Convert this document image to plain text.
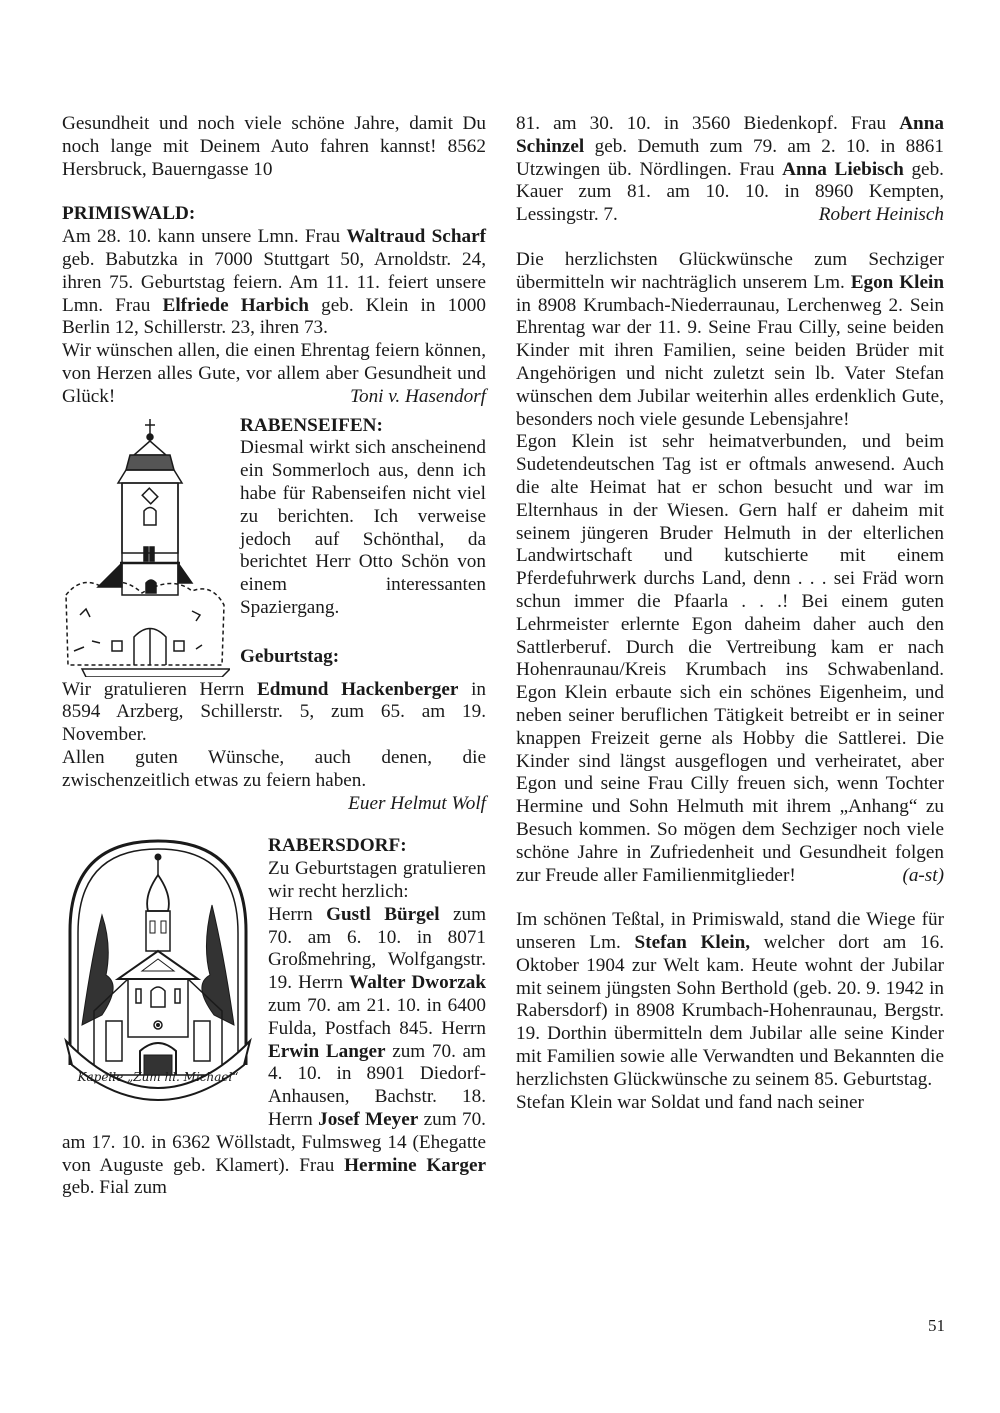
Gesundheit und noch viele schöne Jahre, damit Du noch lange mit Deinem Auto fahren kannst! 8562 Hersbruck, Bauerngasse 10

PRIMISWALD:

Am 28. 10. kann unsere Lmn. Frau Waltraud Scharf geb. Babutzka in 7000 Stuttgart 50, Arnoldstr. 24, ihren 75. Geburtstag feiern. Am 11. 11. feiert unsere Lmn. Frau Elfriede Harbich geb. Klein in 1000 Berlin 12, Schillerstr. 23, ihren 73.

Wir wünschen allen, die einen Ehrentag feiern können, von Herzen alles Gute, vor allem aber Gesundheit und Glück!	Toni v. Hasendorf

RABENSEIFEN:

Diesmal wirkt sich anscheinend ein Sommerloch aus, denn ich habe für Rabenseifen nicht viel zu berichten. Ich verweise jedoch auf Schönthal, da berichtet Herr Otto Schön von einem interessanten Spaziergang.

Geburtstag:

Wir gratulieren Herrn Edmund Hackenberger in 8594 Arzberg, Schillerstr. 5, zum 65. am 19. November.

Allen guten Wünsche, auch denen, die zwischenzeitlich etwas zu feiern haben.

Euer Helmut Wolf

Kapelle „Zum hl. Michael“

RABERSDORF:

Zu Geburtstagen gratulieren wir recht herzlich:

Herrn Gustl Bürgel zum 70. am 6. 10. in 8071 Großmehring, Wolfgangstr. 19. Herrn Walter Dworzak zum 70. am 21. 10. in 6400 Fulda, Postfach 845. Herrn Erwin Langer zum 70. am 4. 10. in 8901 Diedorf-Anhausen, Bachstr. 18. Herrn Josef Meyer zum 70. am 17. 10. in 6362 Wöllstadt, Fulmsweg 14 (Ehegatte von Auguste geb. Klamert). Frau Hermine Karger geb. Fial zum

81. am 30. 10. in 3560 Biedenkopf. Frau Anna Schinzel geb. Demuth zum 79. am 2. 10. in 8861 Utzwingen üb. Nördlingen. Frau Anna Liebisch geb. Kauer zum 81. am 10. 10. in 8960 Kempten, Lessingstr. 7.	Robert Heinisch

Die herzlichsten Glückwünsche zum Sechziger übermitteln wir nachträglich unserem Lm. Egon Klein in 8908 Krumbach-Niederraunau, Lerchenweg 2. Sein Ehrentag war der 11. 9. Seine Frau Cilly, seine beiden Kinder mit ihren Familien, seine beiden Brüder mit Angehörigen und nicht zuletzt sein lb. Vater Stefan wünschen dem Jubilar weiterhin alles erdenklich Gute, besonders noch viele gesunde Lebensjahre!

Egon Klein ist sehr heimatverbunden, und beim Sudetendeutschen Tag ist er oftmals anwesend. Auch die alte Heimat hat er schon besucht und war im Elternhaus in der Wiesen. Gern half er daheim mit seinem jüngeren Bruder Helmuth in der elterlichen Landwirtschaft und kutschierte mit einem Pferdefuhrwerk durchs Land, denn . . . sei Fräd worn schun immer die Pfaarla . . .! Bei einem guten Lehrmeister erlernte Egon daheim daher auch den Sattlerberuf. Durch die Vertreibung kam er nach Hohenraunau/Kreis Krumbach ins Schwabenland. Egon Klein erbaute sich ein schönes Eigenheim, und neben seiner beruflichen Tätigkeit betreibt er in seiner knappen Freizeit gerne als Hobby die Sattlerei. Die Kinder sind längst ausgeflogen und verheiratet, aber Egon und seine Frau Cilly freuen sich, wenn Tochter Hermine und Sohn Helmuth mit ihrem „Anhang“ zu Besuch kommen. So mögen dem Sechziger noch viele schöne Jahre in Zufriedenheit und Gesundheit folgen zur Freude aller Familienmitglieder!	(a-st)

Im schönen Teßtal, in Primiswald, stand die Wiege für unseren Lm. Stefan Klein, welcher dort am 16. Oktober 1904 zur Welt kam. Heute wohnt der Jubilar mit seinem jüngsten Sohn Berthold (geb. 20. 9. 1942 in Rabersdorf) in 8908 Krumbach-Hohenraunau, Bergstr. 19. Dorthin übermitteln dem Jubilar alle seine Kinder mit Familien sowie alle Verwandten und Bekannten die herzlichsten Glückwünsche zu seinem 85. Geburtstag.

Stefan Klein war Soldat und fand nach seiner

51
